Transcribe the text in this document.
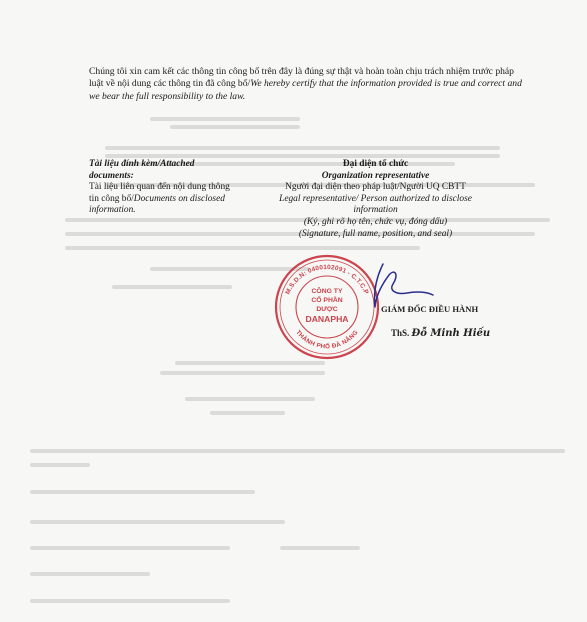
Chúng tôi xin cam kết các thông tin công bố trên đây là đúng sự thật và hoàn toàn chịu trách nhiệm trước pháp luật về nội dung các thông tin đã công bố/We hereby certify that the information provided is true and correct and we bear the full responsibility to the law.
Tài liệu đính kèm/Attached documents:
Tài liệu liên quan đến nội dung thông tin công bố/Documents on disclosed information.
Đại diện tổ chức
Organization representative
Người đại diện theo pháp luật/Người UQ CBTT
Legal representative/ Person authorized to disclose information
(Ký, ghi rõ họ tên, chức vụ, đóng dấu)
(Signature, full name, position, and seal)
M.S.D.N: 0400102091 - C.T.C.P
THÀNH PHỐ ĐÀ NẴNG
CÔNG TY
CỔ PHẦN
DƯỢC
DANAPHA
GIÁM ĐỐC ĐIỀU HÀNH
ThS. Đỗ Minh Hiếu
